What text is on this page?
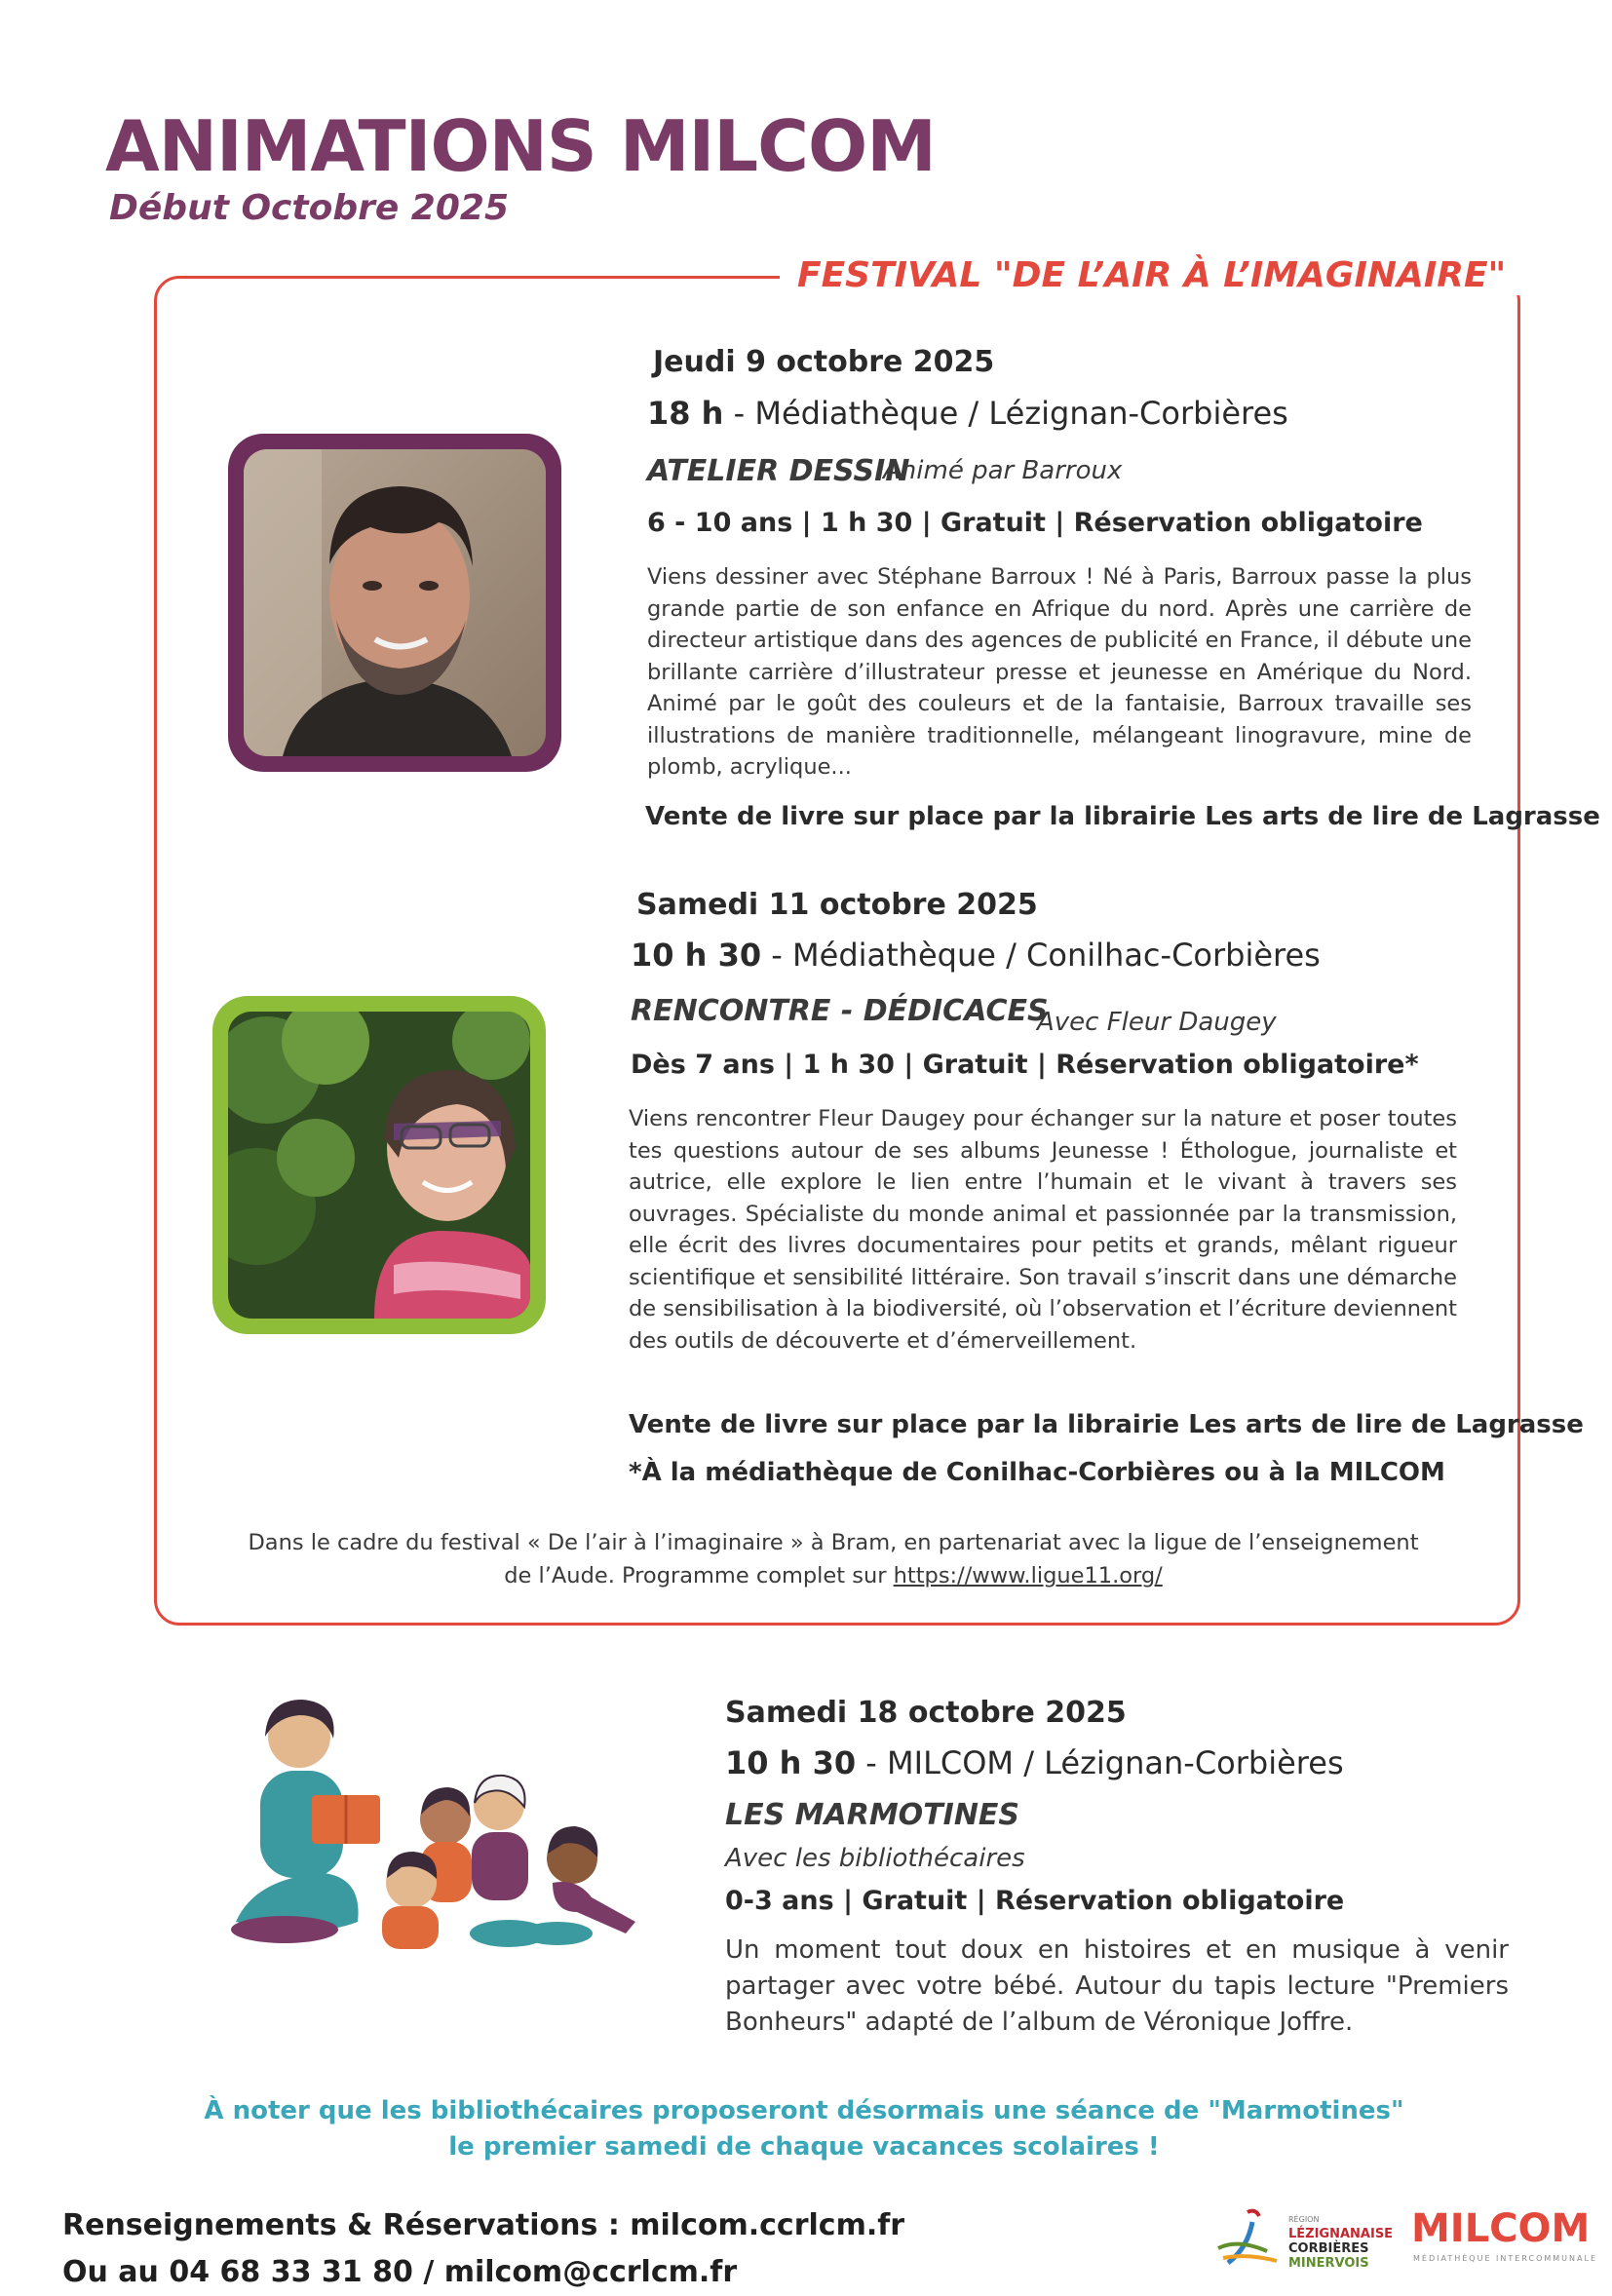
ANIMATIONS MILCOM
Début Octobre 2025
FESTIVAL "DE L’AIR À L’IMAGINAIRE"
Jeudi 9 octobre 2025
18 h - Médiathèque / Lézignan-Corbières
ATELIER DESSIN
Animé par Barroux
6 - 10 ans | 1 h 30 | Gratuit | Réservation obligatoire
Viens dessiner avec Stéphane Barroux ! Né à Paris, Barroux passe la plus grande partie de son enfance en Afrique du nord. Après une carrière de directeur artistique dans des agences de publicité en France, il débute une brillante carrière d’illustrateur presse et jeunesse en Amérique du Nord. Animé par le goût des couleurs et de la fantaisie, Barroux travaille ses illustrations de manière traditionnelle, mélangeant linogravure, mine de plomb, acrylique...
Vente de livre sur place par la librairie Les arts de lire de Lagrasse
Samedi 11 octobre 2025
10 h 30 - Médiathèque / Conilhac-Corbières
RENCONTRE - DÉDICACES
Avec Fleur Daugey
Dès 7 ans | 1 h 30 | Gratuit | Réservation obligatoire*
Viens rencontrer Fleur Daugey pour échanger sur la nature et poser toutes tes questions autour de ses albums Jeunesse ! Éthologue, journaliste et autrice, elle explore le lien entre l’humain et le vivant à travers ses ouvrages. Spécialiste du monde animal et passionnée par la transmission, elle écrit des livres documentaires pour petits et grands, mêlant rigueur scientifique et sensibilité littéraire. Son travail s’inscrit dans une démarche de sensibilisation à la biodiversité, où l’observation et l’écriture deviennent des outils de découverte et d’émerveillement.
Vente de livre sur place par la librairie Les arts de lire de Lagrasse
*À la médiathèque de Conilhac-Corbières ou à la MILCOM
Dans le cadre du festival « De l’air à l’imaginaire » à Bram, en partenariat avec la ligue de l’enseignement de l’Aude. Programme complet sur https://www.ligue11.org/
Samedi 18 octobre 2025
10 h 30 - MILCOM / Lézignan-Corbières
LES MARMOTINES
Avec les bibliothécaires
0-3 ans | Gratuit | Réservation obligatoire
Un moment tout doux en histoires et en musique à venir partager avec votre bébé. Autour du tapis lecture "Premiers Bonheurs" adapté de l’album de Véronique Joffre.
À noter que les bibliothécaires proposeront désormais une séance de "Marmotines"
le premier samedi de chaque vacances scolaires !
Renseignements & Réservations : milcom.ccrlcm.fr
Ou au 04 68 33 31 80 / milcom@ccrlcm.fr
RÉGION
LÉZIGNANAISE
CORBIÈRES
MINERVOIS
MILCOM
MÉDIATHÈQUE INTERCOMMUNALE
